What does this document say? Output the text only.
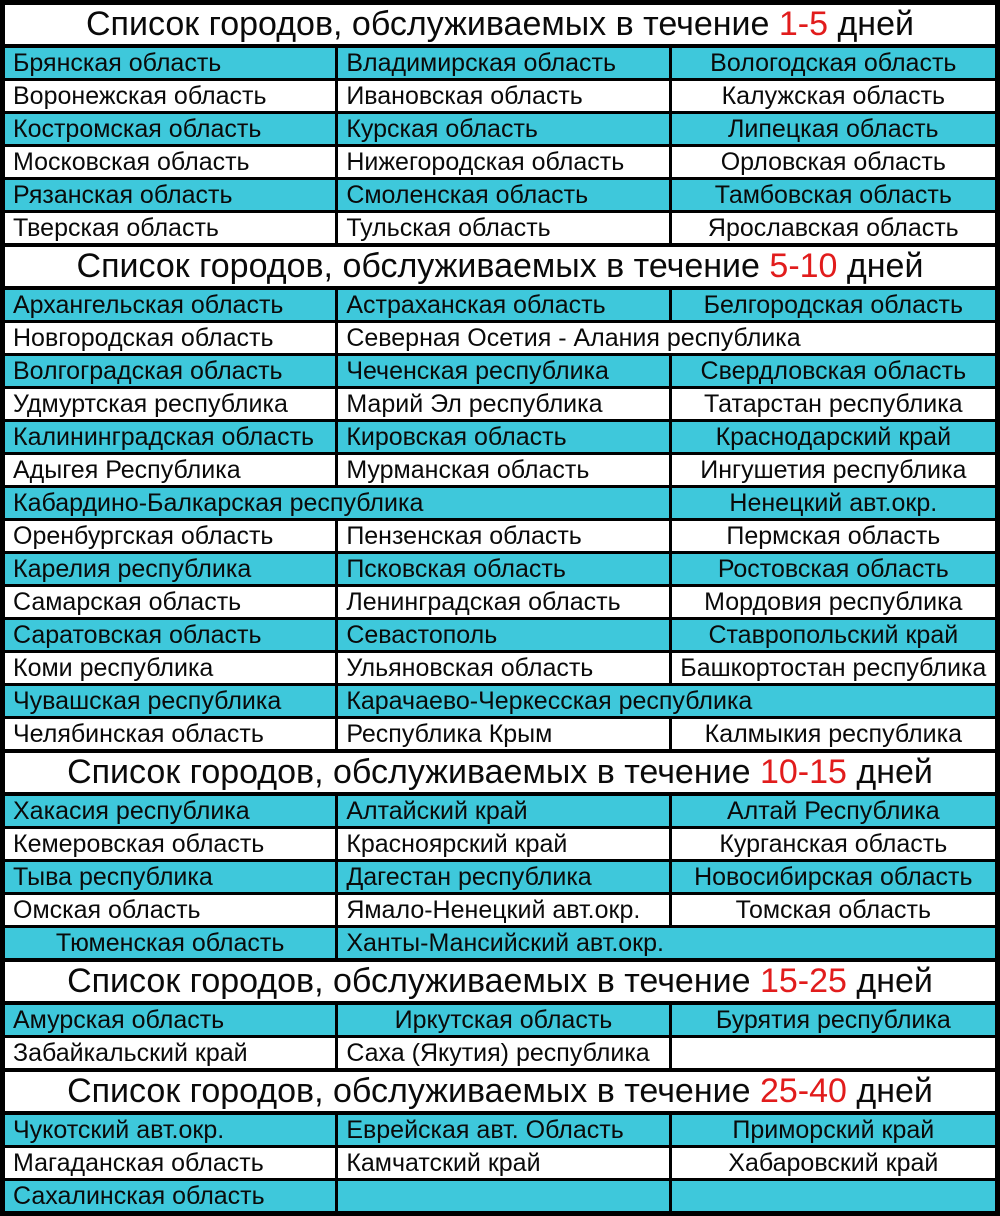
Список городов, обслуживаемых в течение 1-5 дней		
Брянская область	Владимирская область	Вологодская область
Воронежская область	Ивановская область	Калужская область
Костромская область	Курская область	Липецкая область
Московская область	Нижегородская область	Орловская область
Рязанская область	Смоленская область	Тамбовская область
Тверская область	Тульская область	Ярославская область
Список городов, обслуживаемых в течение 5-10 дней		
Архангельская область	Астраханская область	Белгородская область
Новгородская область	Северная Осетия - Алания республика	
Волгоградская область	Чеченская республика	Свердловская область
Удмуртская республика	Марий Эл республика	Татарстан республика
Калининградская область	Кировская область	Краснодарский край
Адыгея Республика	Мурманская область	Ингушетия республика
Кабардино-Балкарская республика		Ненецкий авт.окр.
Оренбургская область	Пензенская область	Пермская область
Карелия республика	Псковская область	Ростовская область
Самарская область	Ленинградская область	Мордовия республика
Саратовская область	Севастополь	Ставропольский край
Коми республика	Ульяновская область	Башкортостан республика
Чувашская республика	Карачаево-Черкесская республика	
Челябинская область	Республика Крым	Калмыкия республика
Список городов, обслуживаемых в течение 10-15 дней		
Хакасия республика	Алтайский край	Алтай Республика
Кемеровская область	Красноярский край	Курганская область
Тыва республика	Дагестан республика	Новосибирская область
Омская область	Ямало-Ненецкий авт.окр.	Томская область
Тюменская область	Ханты-Мансийский авт.окр.	
Список городов, обслуживаемых в течение 15-25 дней		
Амурская область	Иркутская область	Бурятия республика
Забайкальский край	Саха (Якутия) республика	
Список городов, обслуживаемых в течение 25-40 дней		
Чукотский авт.окр.	Еврейская авт. Область	Приморский край
Магаданская область	Камчатский край	Хабаровский край
Сахалинская область		
